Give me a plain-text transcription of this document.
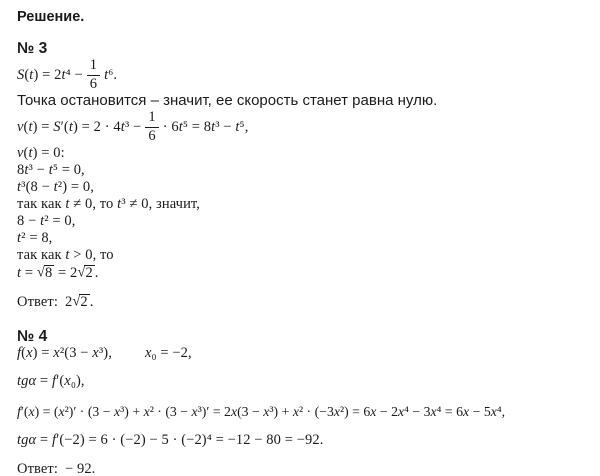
Решение.
№ 3
$S(t) = 2t^4 - \frac{1}{6} t^6$.
Точка остановится – значит, ее скорость станет равна нулю.
$v(t) = S'(t) = 2 \cdot 4t^3 - \frac{1}{6} \cdot 6t^5 = 8t^3 - t^5$,
v(t) = 0:
8t³ − t⁵ = 0,
t³(8 − t²) = 0,
так как t ≠ 0, то t³ ≠ 0, значит,
8 − t² = 0,
t² = 8,
так как t > 0, то
t = √8 = 2√2 .
Ответ: 2√2 .
№ 4
f(x) = x²(3 − x³), x₀ = −2,
tgα = f′(x₀),
f′(x) = (x²)′ · (3 − x³) + x² · (3 − x³)′ = 2x(3 − x³) + x² · (−3x²) = 6x − 2x⁴ − 3x⁴ = 6x − 5x⁴,
tgα = f′(−2) = 6 · (−2) − 5 · (−2)⁴ = −12 − 80 = −92.
Ответ: − 92.
